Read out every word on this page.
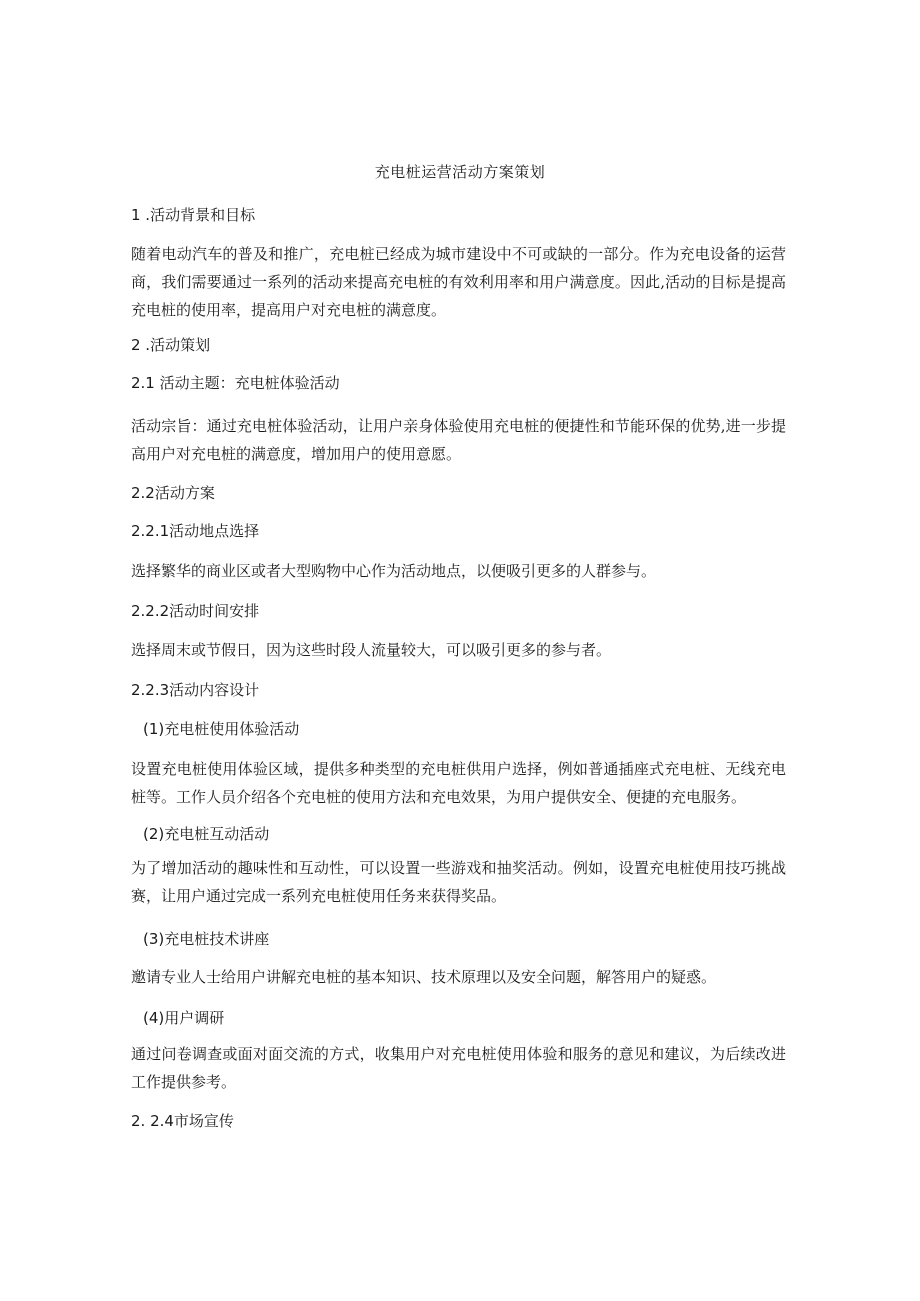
充电桩运营活动方案策划
1 .活动背景和目标
随着电动汽车的普及和推广，充电桩已经成为城市建设中不可或缺的一部分。作为充电设备的运营商，我们需要通过一系列的活动来提高充电桩的有效利用率和用户满意度。因此,活动的目标是提高充电桩的使用率，提高用户对充电桩的满意度。
2 .活动策划
2.1 活动主题：充电桩体验活动
活动宗旨：通过充电桩体验活动，让用户亲身体验使用充电桩的便捷性和节能环保的优势,进一步提高用户对充电桩的满意度，增加用户的使用意愿。
2.2活动方案
2.2.1活动地点选择
选择繁华的商业区或者大型购物中心作为活动地点，以便吸引更多的人群参与。
2.2.2活动时间安排
选择周末或节假日，因为这些时段人流量较大，可以吸引更多的参与者。
2.2.3活动内容设计
(1)充电桩使用体验活动
设置充电桩使用体验区域，提供多种类型的充电桩供用户选择，例如普通插座式充电桩、无线充电桩等。工作人员介绍各个充电桩的使用方法和充电效果，为用户提供安全、便捷的充电服务。
(2)充电桩互动活动
为了增加活动的趣味性和互动性，可以设置一些游戏和抽奖活动。例如，设置充电桩使用技巧挑战赛，让用户通过完成一系列充电桩使用任务来获得奖品。
(3)充电桩技术讲座
邀请专业人士给用户讲解充电桩的基本知识、技术原理以及安全问题，解答用户的疑惑。
(4)用户调研
通过问卷调查或面对面交流的方式，收集用户对充电桩使用体验和服务的意见和建议，为后续改进工作提供参考。
2. 2.4市场宣传
